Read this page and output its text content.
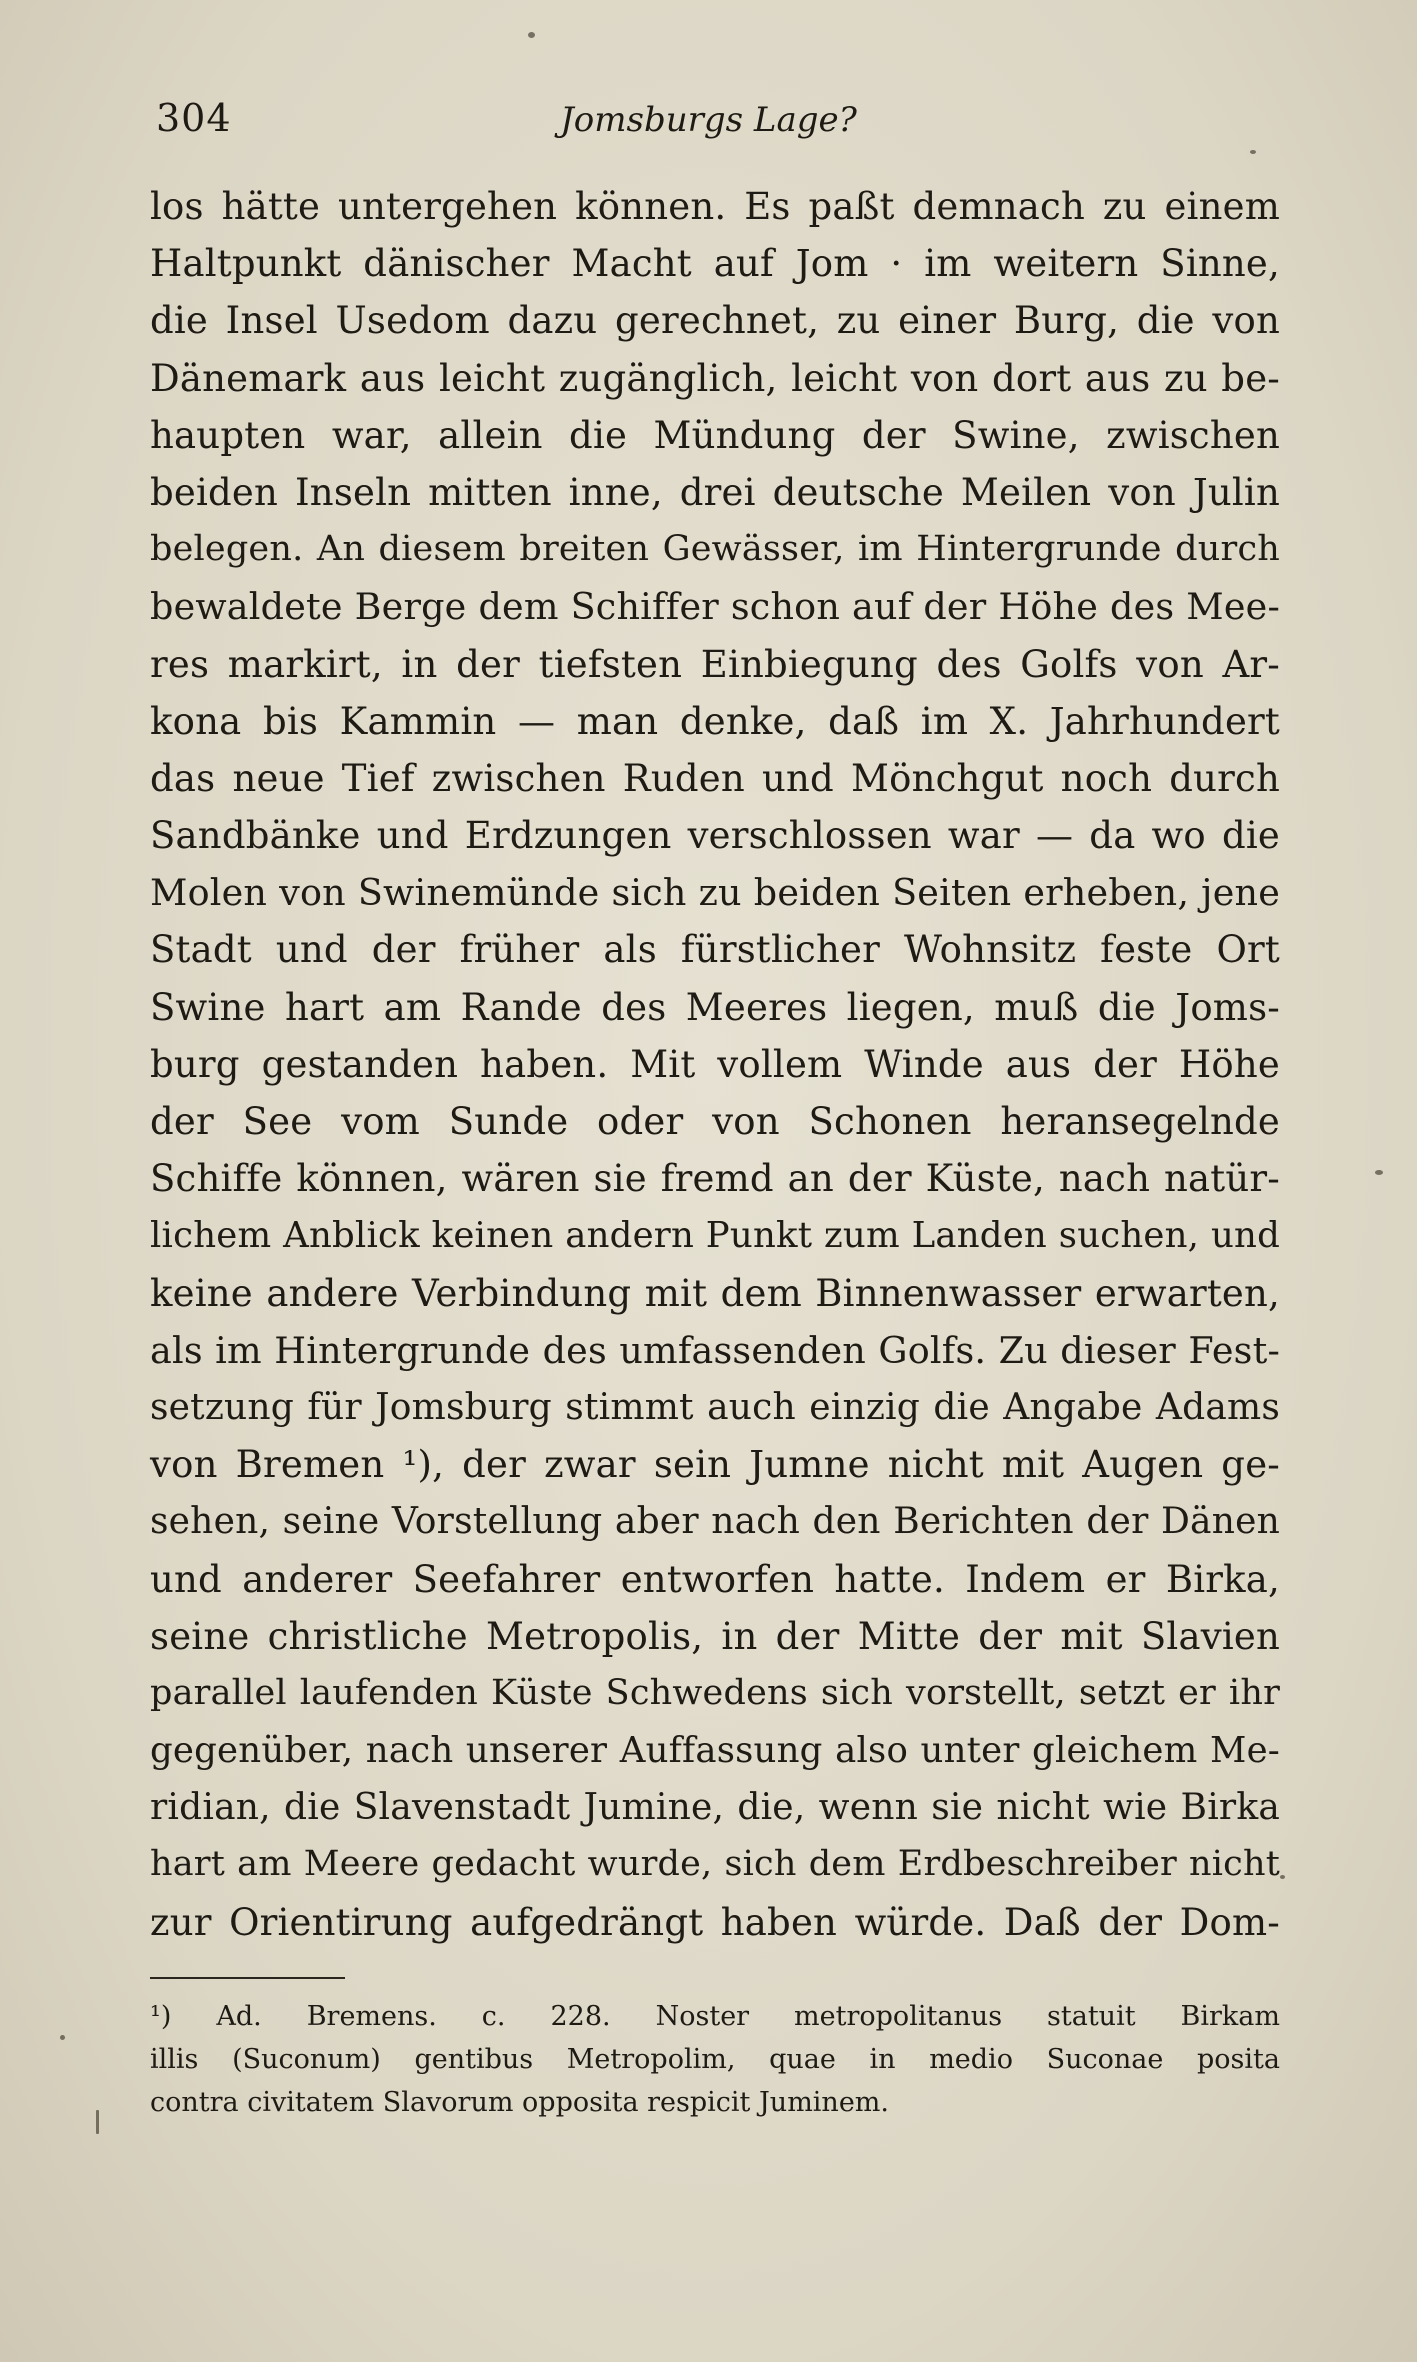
304	Jomsburgs Lage?
los hätte untergehen können. Es paßt demnach zu einem
Haltpunkt dänischer Macht auf Jom · im weitern Sinne,
die Insel Usedom dazu gerechnet, zu einer Burg, die von
Dänemark aus leicht zugänglich, leicht von dort aus zu be-
haupten war, allein die Mündung der Swine, zwischen
beiden Inseln mitten inne, drei deutsche Meilen von Julin
belegen. An diesem breiten Gewässer, im Hintergrunde durch
bewaldete Berge dem Schiffer schon auf der Höhe des Mee-
res markirt, in der tiefsten Einbiegung des Golfs von Ar-
kona bis Kammin — man denke, daß im X. Jahrhundert
das neue Tief zwischen Ruden und Mönchgut noch durch
Sandbänke und Erdzungen verschlossen war — da wo die
Molen von Swinemünde sich zu beiden Seiten erheben, jene
Stadt und der früher als fürstlicher Wohnsitz feste Ort
Swine hart am Rande des Meeres liegen, muß die Joms-
burg gestanden haben. Mit vollem Winde aus der Höhe
der See vom Sunde oder von Schonen heransegelnde
Schiffe können, wären sie fremd an der Küste, nach natür-
lichem Anblick keinen andern Punkt zum Landen suchen, und
keine andere Verbindung mit dem Binnenwasser erwarten,
als im Hintergrunde des umfassenden Golfs. Zu dieser Fest-
setzung für Jomsburg stimmt auch einzig die Angabe Adams
von Bremen ¹), der zwar sein Jumne nicht mit Augen ge-
sehen, seine Vorstellung aber nach den Berichten der Dänen
und anderer Seefahrer entworfen hatte. Indem er Birka,
seine christliche Metropolis, in der Mitte der mit Slavien
parallel laufenden Küste Schwedens sich vorstellt, setzt er ihr
gegenüber, nach unserer Auffassung also unter gleichem Me-
ridian, die Slavenstadt Jumine, die, wenn sie nicht wie Birka
hart am Meere gedacht wurde, sich dem Erdbeschreiber nicht
zur Orientirung aufgedrängt haben würde. Daß der Dom-
¹) Ad. Bremens. c. 228. Noster metropolitanus statuit Birkam
illis (Suconum) gentibus Metropolim, quae in medio Suconae posita
contra civitatem Slavorum opposita respicit Juminem.
